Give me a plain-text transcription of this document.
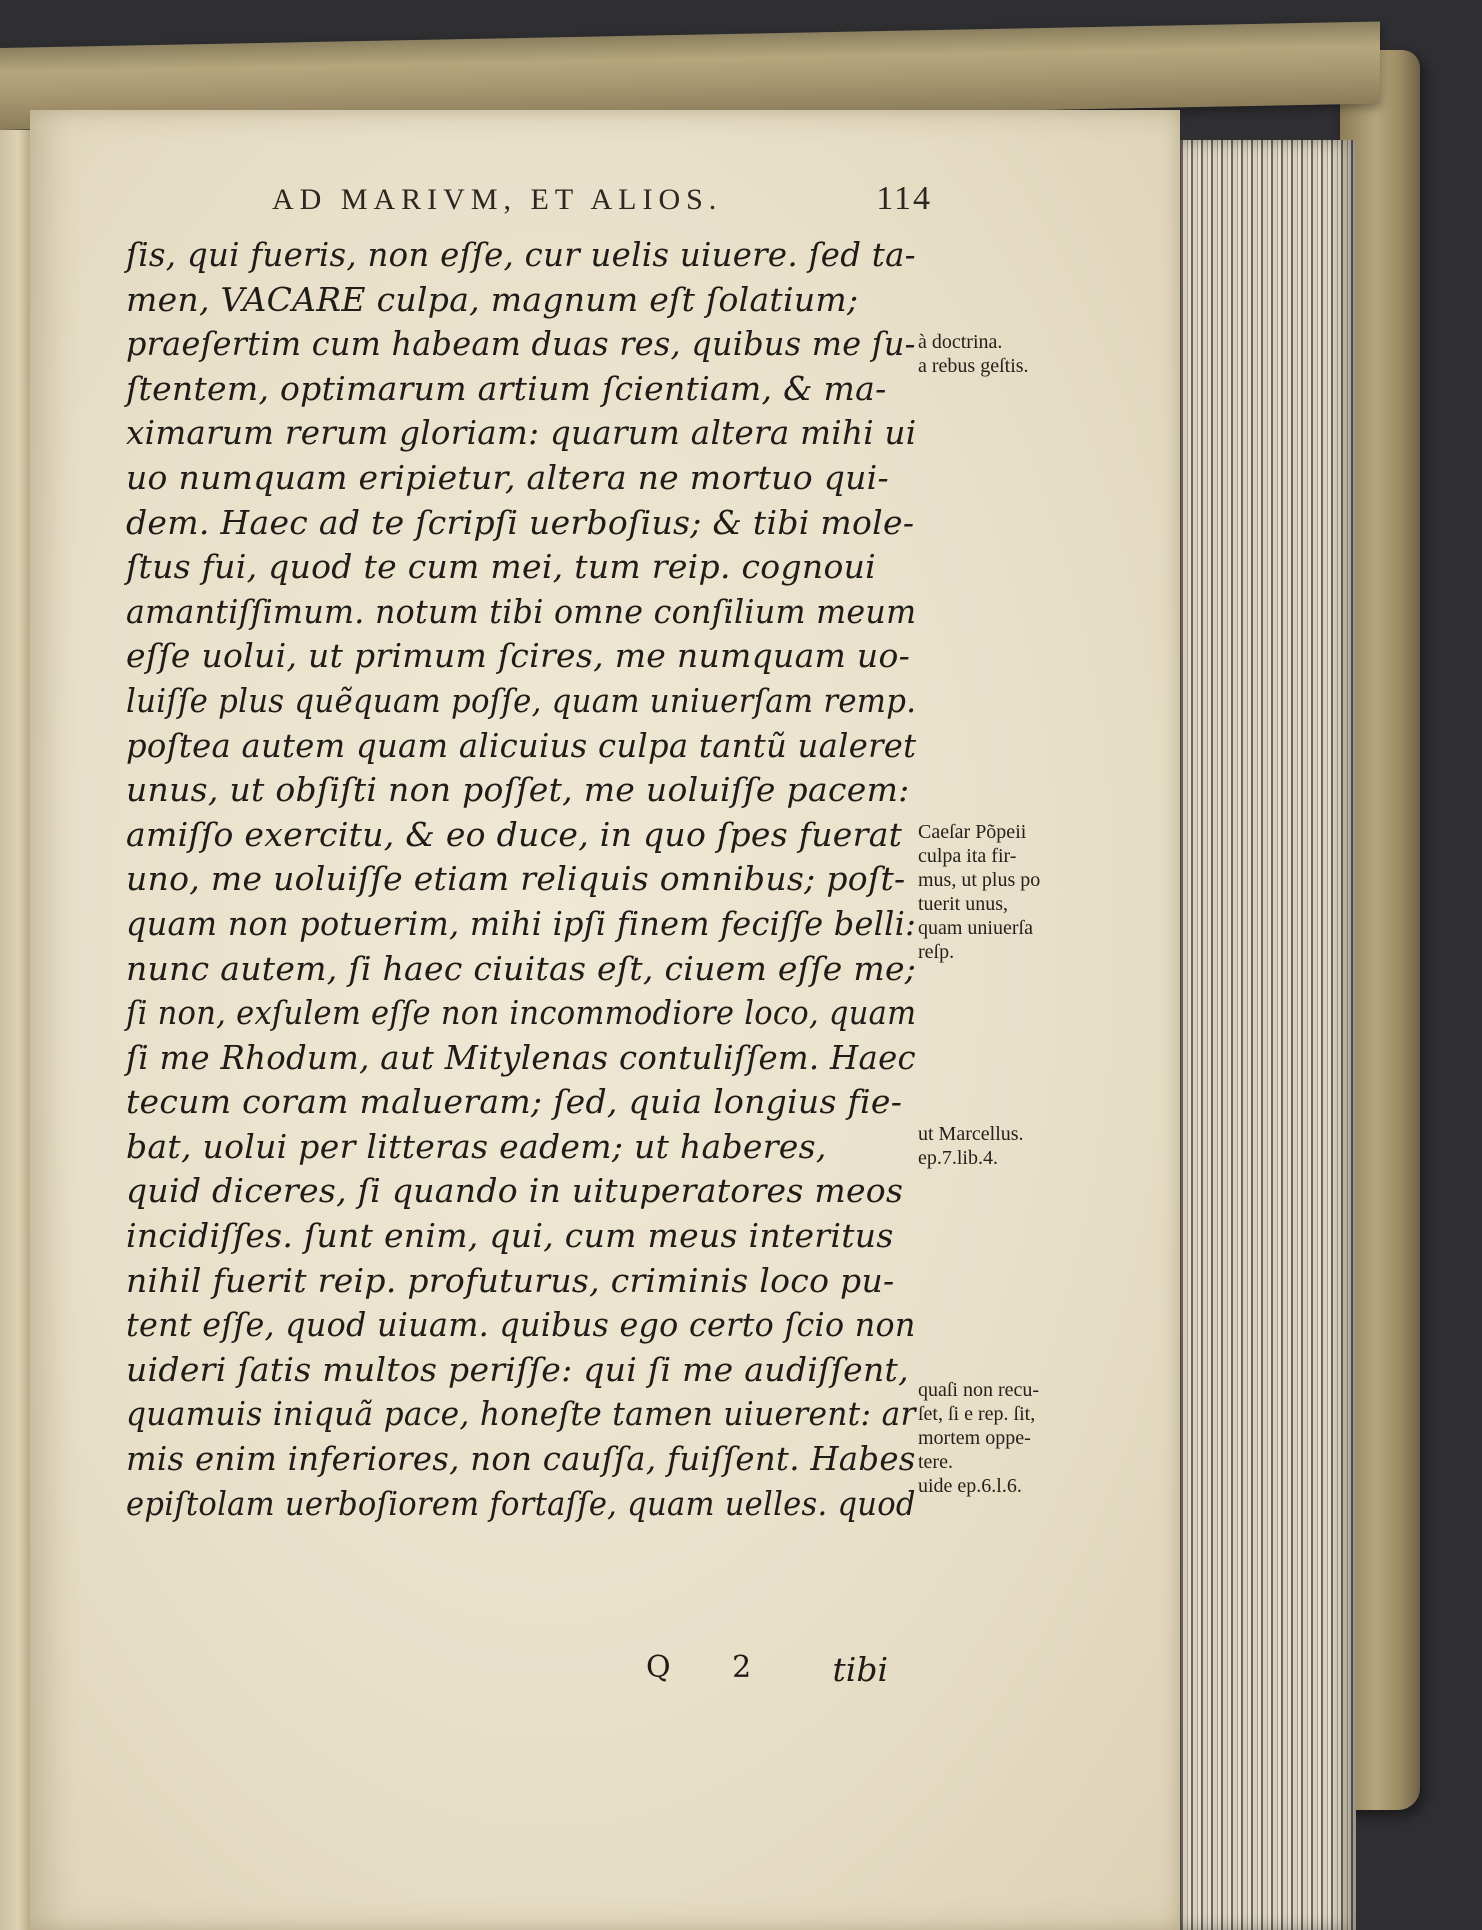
AD MARIVM, ET ALIOS.	114
ſis, qui fueris, non eſſe, cur uelis uiuere. ſed ta-
men, VACARE culpa, magnum eſt ſolatium;
praeſertim cum habeam duas res, quibus me ſu-
ſtentem, optimarum artium ſcientiam, & ma-
ximarum rerum gloriam: quarum altera mihi ui
uo numquam eripietur, altera ne mortuo qui-
dem. Haec ad te ſcripſi uerboſius; & tibi mole-
ſtus fui, quod te cum mei, tum reip. cognoui
amantiſſimum. notum tibi omne conſilium meum
eſſe uolui, ut primum ſcires, me numquam uo-
luiſſe plus quẽquam poſſe, quam uniuerſam remp.
poſtea autem quam alicuius culpa tantũ ualeret
unus, ut obſiſti non poſſet, me uoluiſſe pacem:
amiſſo exercitu, & eo duce, in quo ſpes fuerat
uno, me uoluiſſe etiam reliquis omnibus; poſt-
quam non potuerim, mihi ipſi finem feciſſe belli:
nunc autem, ſi haec ciuitas eſt, ciuem eſſe me;
ſi non, exſulem eſſe non incommodiore loco, quam
ſi me Rhodum, aut Mitylenas contuliſſem. Haec
tecum coram malueram; ſed, quia longius fie-
bat, uolui per litteras eadem; ut haberes,
quid diceres, ſi quando in uituperatores meos
incidiſſes. ſunt enim, qui, cum meus interitus
nihil fuerit reip. profuturus, criminis loco pu-
tent eſſe, quod uiuam. quibus ego certo ſcio non
uideri ſatis multos periſſe: qui ſi me audiſſent,
quamuis iniquã pace, honeſte tamen uiuerent: ar
mis enim inferiores, non cauſſa, fuiſſent. Habes
epiſtolam uerboſiorem fortaſſe, quam uelles. quod
Q 2 tibi
à doctrina.
a rebus geſtis.
Caeſar Põpeii
culpa ita fir-
mus, ut plus po
tuerit unus,
quam uniuerſa
reſp.
ut Marcellus.
ep.7.lib.4.
quaſi non recu-
ſet, ſi e rep. ſit,
mortem oppe-
tere.
uide ep.6.l.6.
